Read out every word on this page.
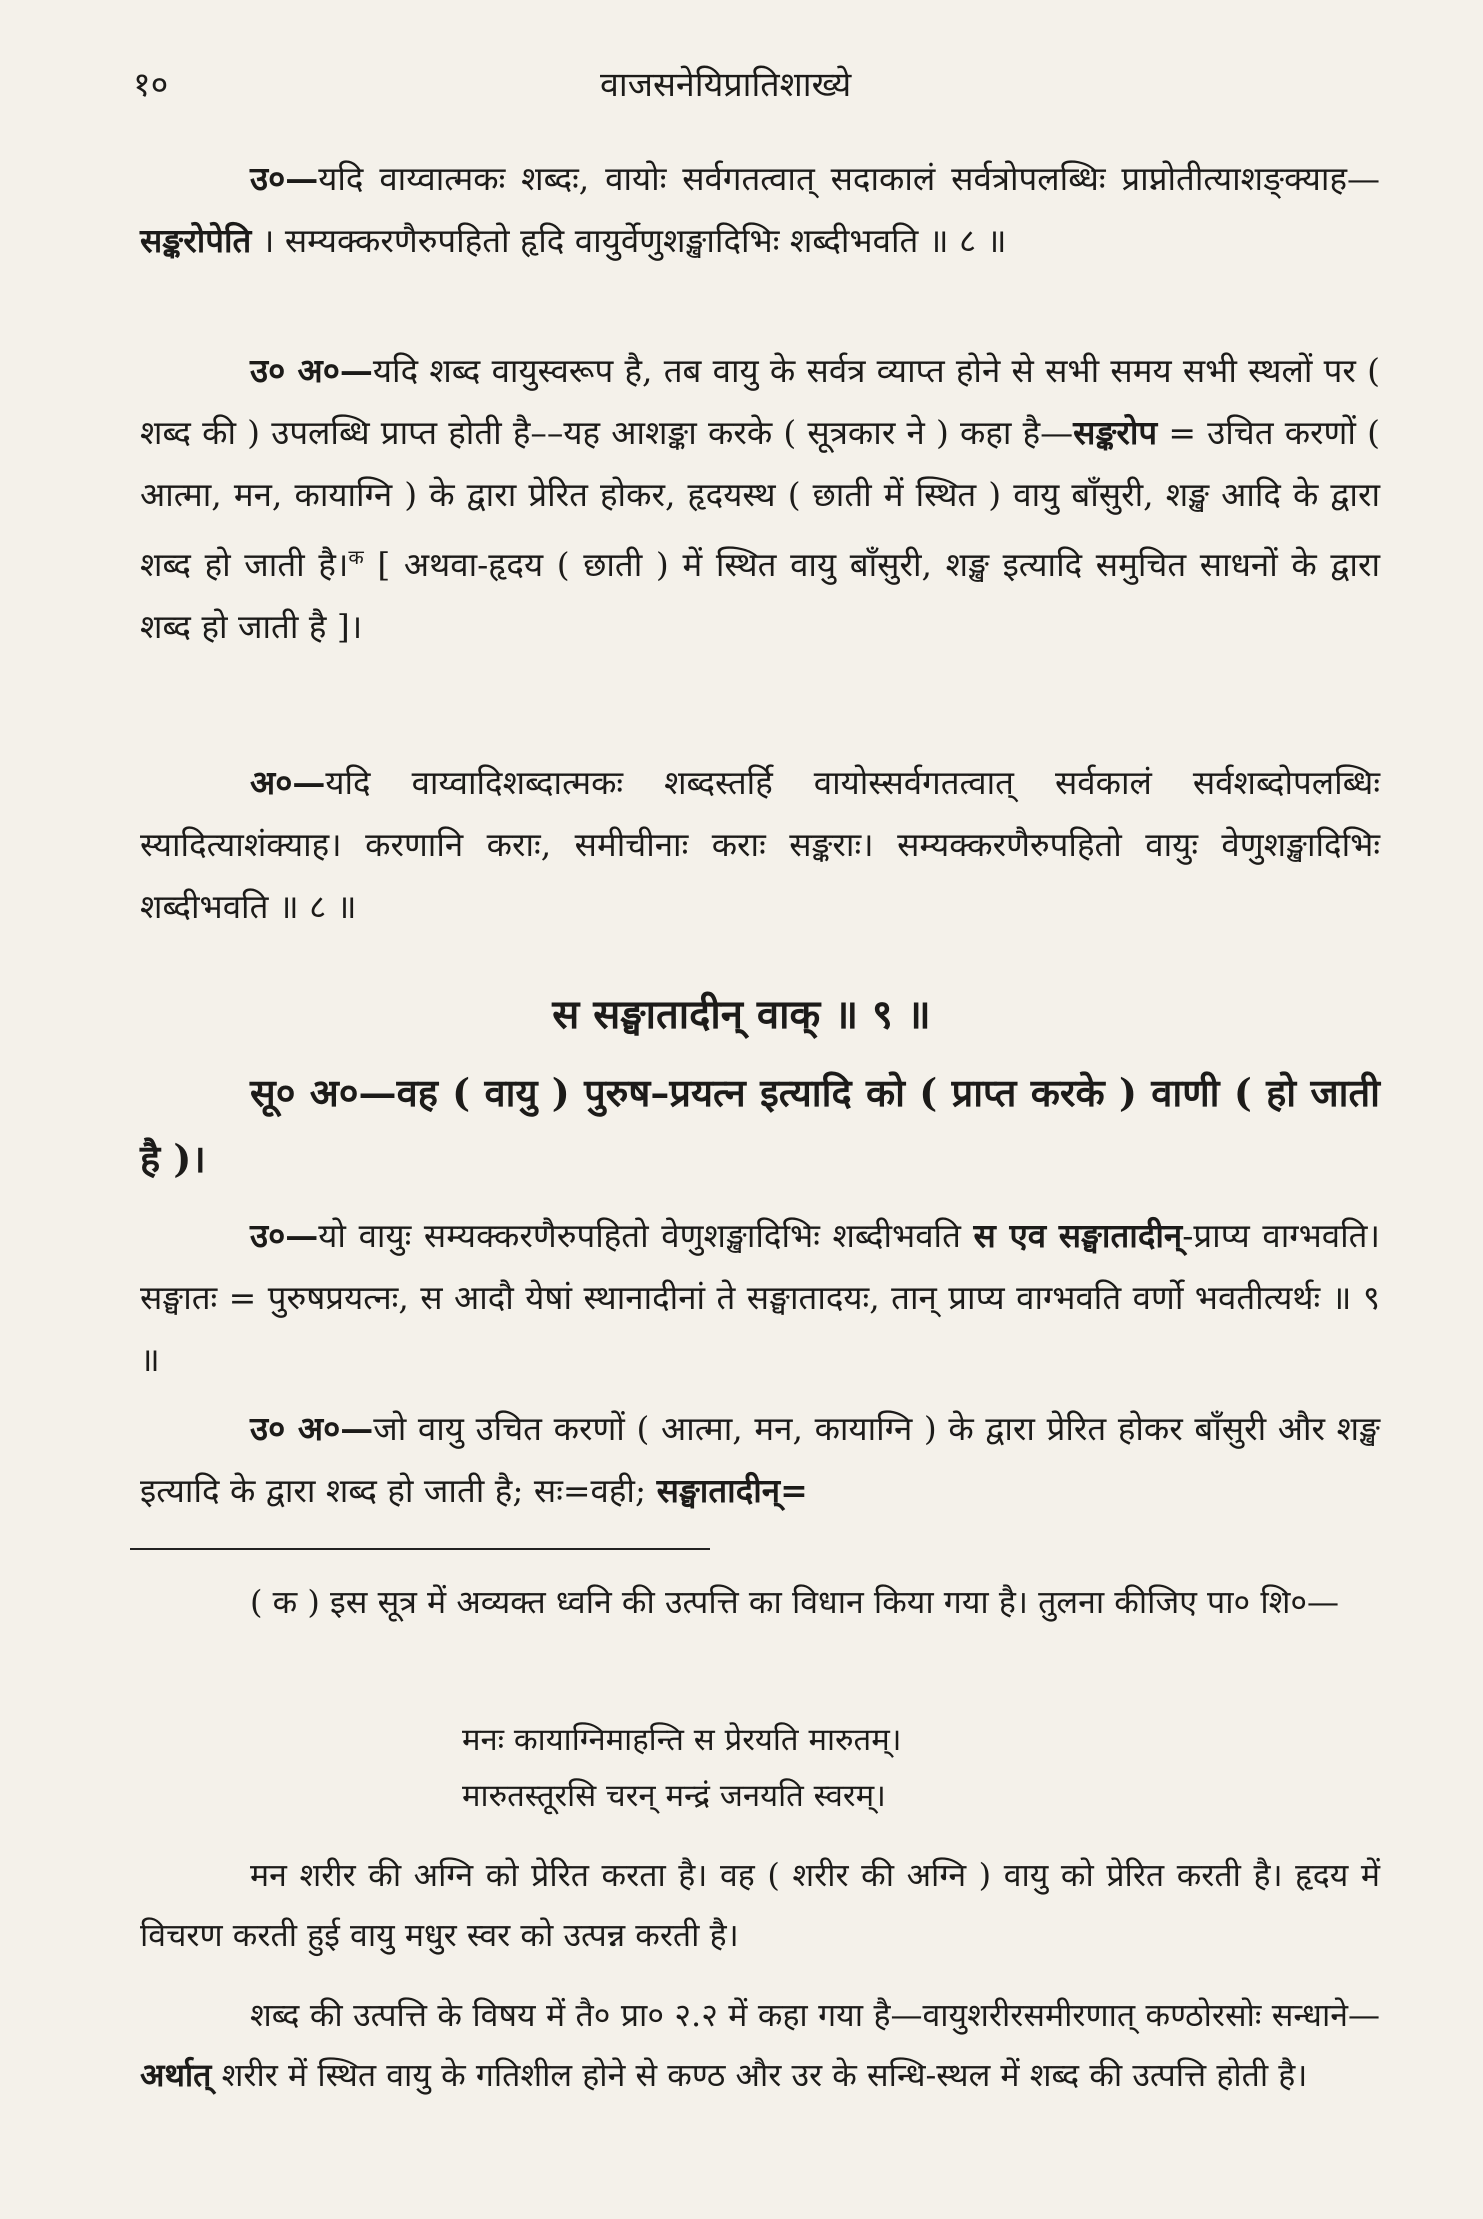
१०	वाजसनेयिप्रातिशाख्ये
उ०—यदि वाय्वात्मकः शब्दः, वायोः सर्वगतत्वात् सदाकालं सर्वत्रोपलब्धिः प्राप्नोतीत्याशङ्क्याह—सङ्करोपेति । सम्यक्करणैरुपहितो हृदि वायुर्वेणुशङ्खादिभिः शब्दीभवति ॥ ८ ॥
उ० अ०—यदि शब्द वायुस्वरूप है, तब वायु के सर्वत्र व्याप्त होने से सभी समय सभी स्थलों पर ( शब्द की ) उपलब्धि प्राप्त होती है––यह आशङ्का करके ( सूत्रकार ने ) कहा है—सङ्करोप = उचित करणों ( आत्मा, मन, कायाग्नि ) के द्वारा प्रेरित होकर, हृदयस्थ ( छाती में स्थित ) वायु बाँसुरी, शङ्ख आदि के द्वारा शब्द हो जाती है।$^क$ [ अथवा-हृदय ( छाती ) में स्थित वायु बाँसुरी, शङ्ख इत्यादि समुचित साधनों के द्वारा शब्द हो जाती है ]।
अ०—यदि वाय्वादिशब्दात्मकः शब्दस्तर्हि वायोस्सर्वगतत्वात् सर्वकालं सर्वशब्दोपलब्धिः स्यादित्याशंक्याह। करणानि कराः, समीचीनाः कराः सङ्कराः। सम्यक्करणैरुपहितो वायुः वेणुशङ्खादिभिः शब्दीभवति ॥ ८ ॥
स सङ्घातादीन् वाक् ॥ ९ ॥
सू० अ०—वह ( वायु ) पुरुष–प्रयत्न इत्यादि को ( प्राप्त करके ) वाणी ( हो जाती है )।
उ०—यो वायुः सम्यक्करणैरुपहितो वेणुशङ्खादिभिः शब्दीभवति स एव सङ्घातादीन्-प्राप्य वाग्भवति। सङ्घातः = पुरुषप्रयत्नः, स आदौ येषां स्थानादीनां ते सङ्घातादयः, तान् प्राप्य वाग्भवति वर्णो भवतीत्यर्थः ॥ ९ ॥
उ० अ०—जो वायु उचित करणों ( आत्मा, मन, कायाग्नि ) के द्वारा प्रेरित होकर बाँसुरी और शङ्ख इत्यादि के द्वारा शब्द हो जाती है; सः=वही; सङ्घातादीन्=
( क ) इस सूत्र में अव्यक्त ध्वनि की उत्पत्ति का विधान किया गया है। तुलना कीजिए पा० शि०—
मनः कायाग्निमाहन्ति स प्रेरयति मारुतम्।
मारुतस्तूरसि चरन् मन्द्रं जनयति स्वरम्।
मन शरीर की अग्नि को प्रेरित करता है। वह ( शरीर की अग्नि ) वायु को प्रेरित करती है। हृदय में विचरण करती हुई वायु मधुर स्वर को उत्पन्न करती है।
शब्द की उत्पत्ति के विषय में तै० प्रा० २.२ में कहा गया है—वायुशरीरसमीरणात् कण्ठोरसोः सन्धाने—अर्थात् शरीर में स्थित वायु के गतिशील होने से कण्ठ और उर के सन्धि-स्थल में शब्द की उत्पत्ति होती है।
